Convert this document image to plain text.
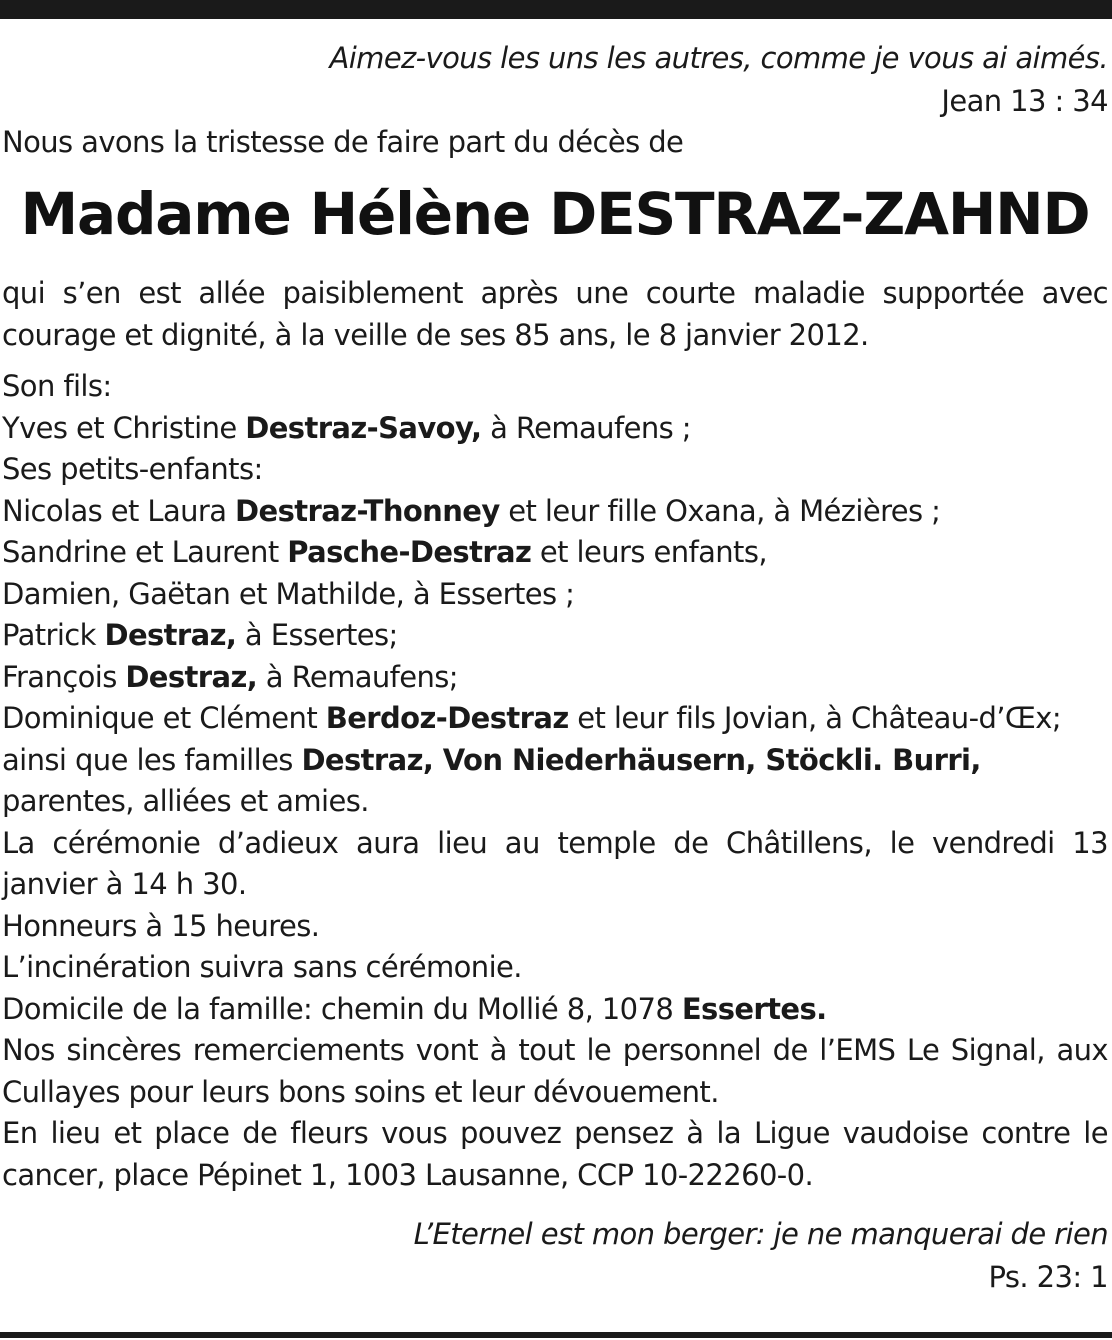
Aimez-vous les uns les autres, comme je vous ai aimés.

Jean 13 : 34

Nous avons la tristesse de faire part du décès de

Madame Hélène DESTRAZ-ZAHND

qui s’en est allée paisiblement après une courte maladie supportée avec courage et dignité, à la veille de ses 85 ans, le 8 janvier 2012.

Son fils:

Yves et Christine Destraz-Savoy, à Remaufens ;

Ses petits-enfants:

Nicolas et Laura Destraz-Thonney et leur fille Oxana, à Mézières ;

Sandrine et Laurent Pasche-Destraz et leurs enfants,

Damien, Gaëtan et Mathilde, à Essertes ;

Patrick Destraz, à Essertes;

François Destraz, à Remaufens;

Dominique et Clément Berdoz-Destraz et leur fils Jovian, à Château-d’Œx;

ainsi que les familles Destraz, Von Niederhäusern, Stöckli. Burri,

parentes, alliées et amies.

La cérémonie d’adieux aura lieu au temple de Châtillens, le vendredi 13 janvier à 14 h 30.

Honneurs à 15 heures.

L’incinération suivra sans cérémonie.

Domicile de la famille: chemin du Mollié 8, 1078 Essertes.

Nos sincères remerciements vont à tout le personnel de l’EMS Le Signal, aux Cullayes pour leurs bons soins et leur dévouement.

En lieu et place de fleurs vous pouvez pensez à la Ligue vaudoise contre le cancer, place Pépinet 1, 1003 Lausanne, CCP 10-22260-0.

L’Eternel est mon berger: je ne manquerai de rien

Ps. 23: 1
